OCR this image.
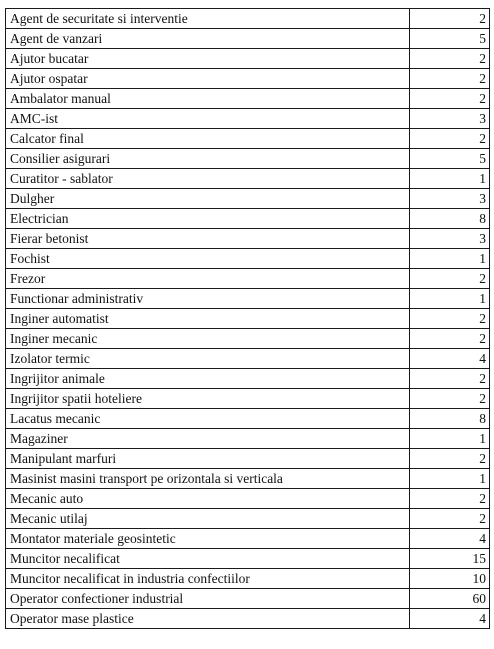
Agent de securitate si interventie	2
Agent de vanzari	5
Ajutor bucatar	2
Ajutor ospatar	2
Ambalator manual	2
AMC-ist	3
Calcator final	2
Consilier asigurari	5
Curatitor - sablator	1
Dulgher	3
Electrician	8
Fierar betonist	3
Fochist	1
Frezor	2
Functionar administrativ	1
Inginer automatist	2
Inginer mecanic	2
Izolator termic	4
Ingrijitor animale	2
Ingrijitor spatii hoteliere	2
Lacatus mecanic	8
Magaziner	1
Manipulant marfuri	2
Masinist masini transport pe orizontala si verticala	1
Mecanic auto	2
Mecanic utilaj	2
Montator materiale geosintetic	4
Muncitor necalificat	15
Muncitor necalificat in industria confectiilor	10
Operator confectioner industrial	60
Operator mase plastice	4
